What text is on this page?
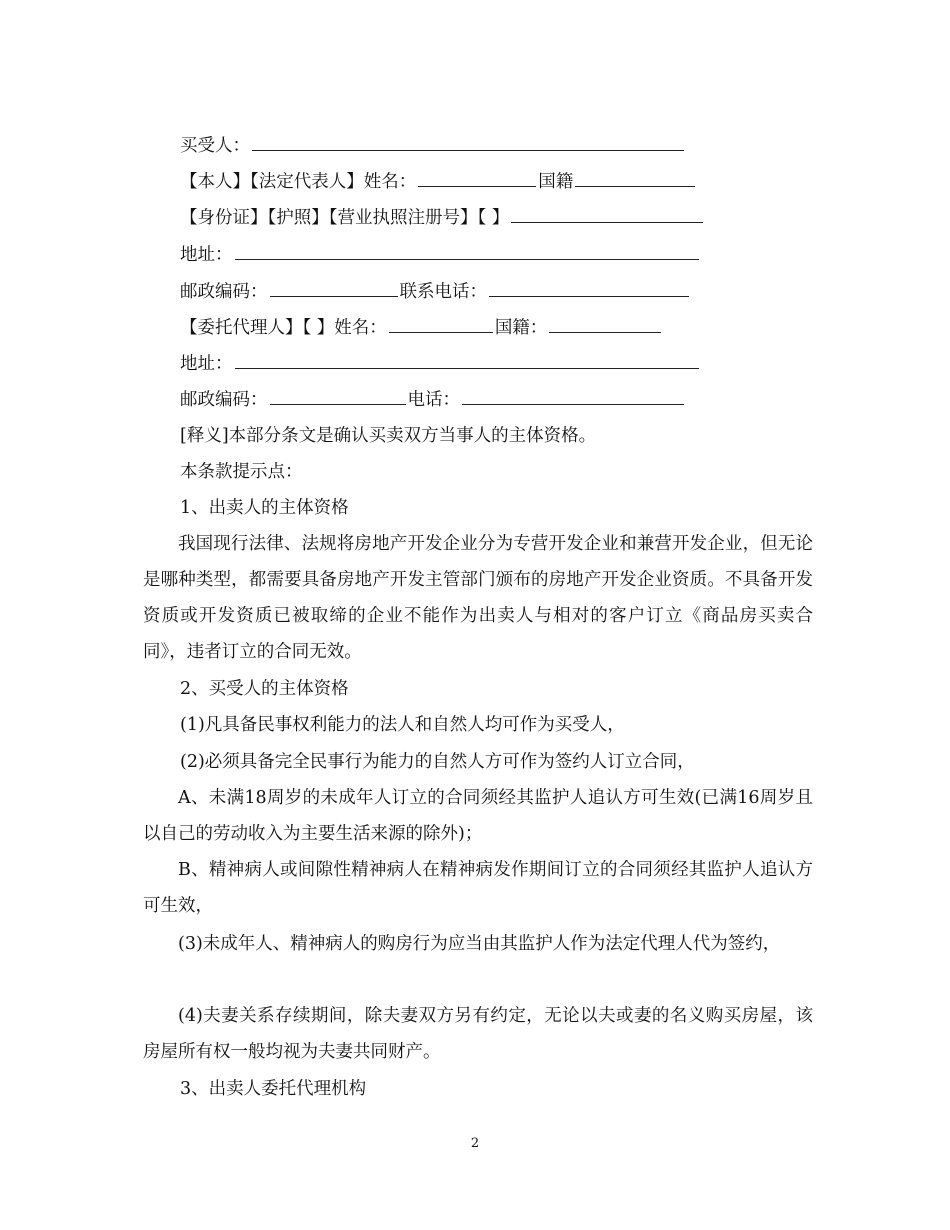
买受人：
【本人】【法定代表人】姓名：	国籍
【身份证】【护照】【营业执照注册号】【 】
地址：
邮政编码：	联系电话：
【委托代理人】【 】姓名：	国籍：
地址：
邮政编码：	电话：
[释义]本部分条文是确认买卖双方当事人的主体资格。
本条款提示点：
1、出卖人的主体资格
我国现行法律、法规将房地产开发企业分为专营开发企业和兼营开发企业，但无论是哪种类型，都需要具备房地产开发主管部门颁布的房地产开发企业资质。不具备开发资质或开发资质已被取缔的企业不能作为出卖人与相对的客户订立《商品房买卖合同》，违者订立的合同无效。
2、买受人的主体资格
(1)凡具备民事权利能力的法人和自然人均可作为买受人，
(2)必须具备完全民事行为能力的自然人方可作为签约人订立合同，
A、未满18周岁的未成年人订立的合同须经其监护人追认方可生效(已满16周岁且以自己的劳动收入为主要生活来源的除外)；
B、精神病人或间隙性精神病人在精神病发作期间订立的合同须经其监护人追认方可生效，
(3)未成年人、精神病人的购房行为应当由其监护人作为法定代理人代为签约，
(4)夫妻关系存续期间，除夫妻双方另有约定，无论以夫或妻的名义购买房屋，该房屋所有权一般均视为夫妻共同财产。
3、出卖人委托代理机构
2
